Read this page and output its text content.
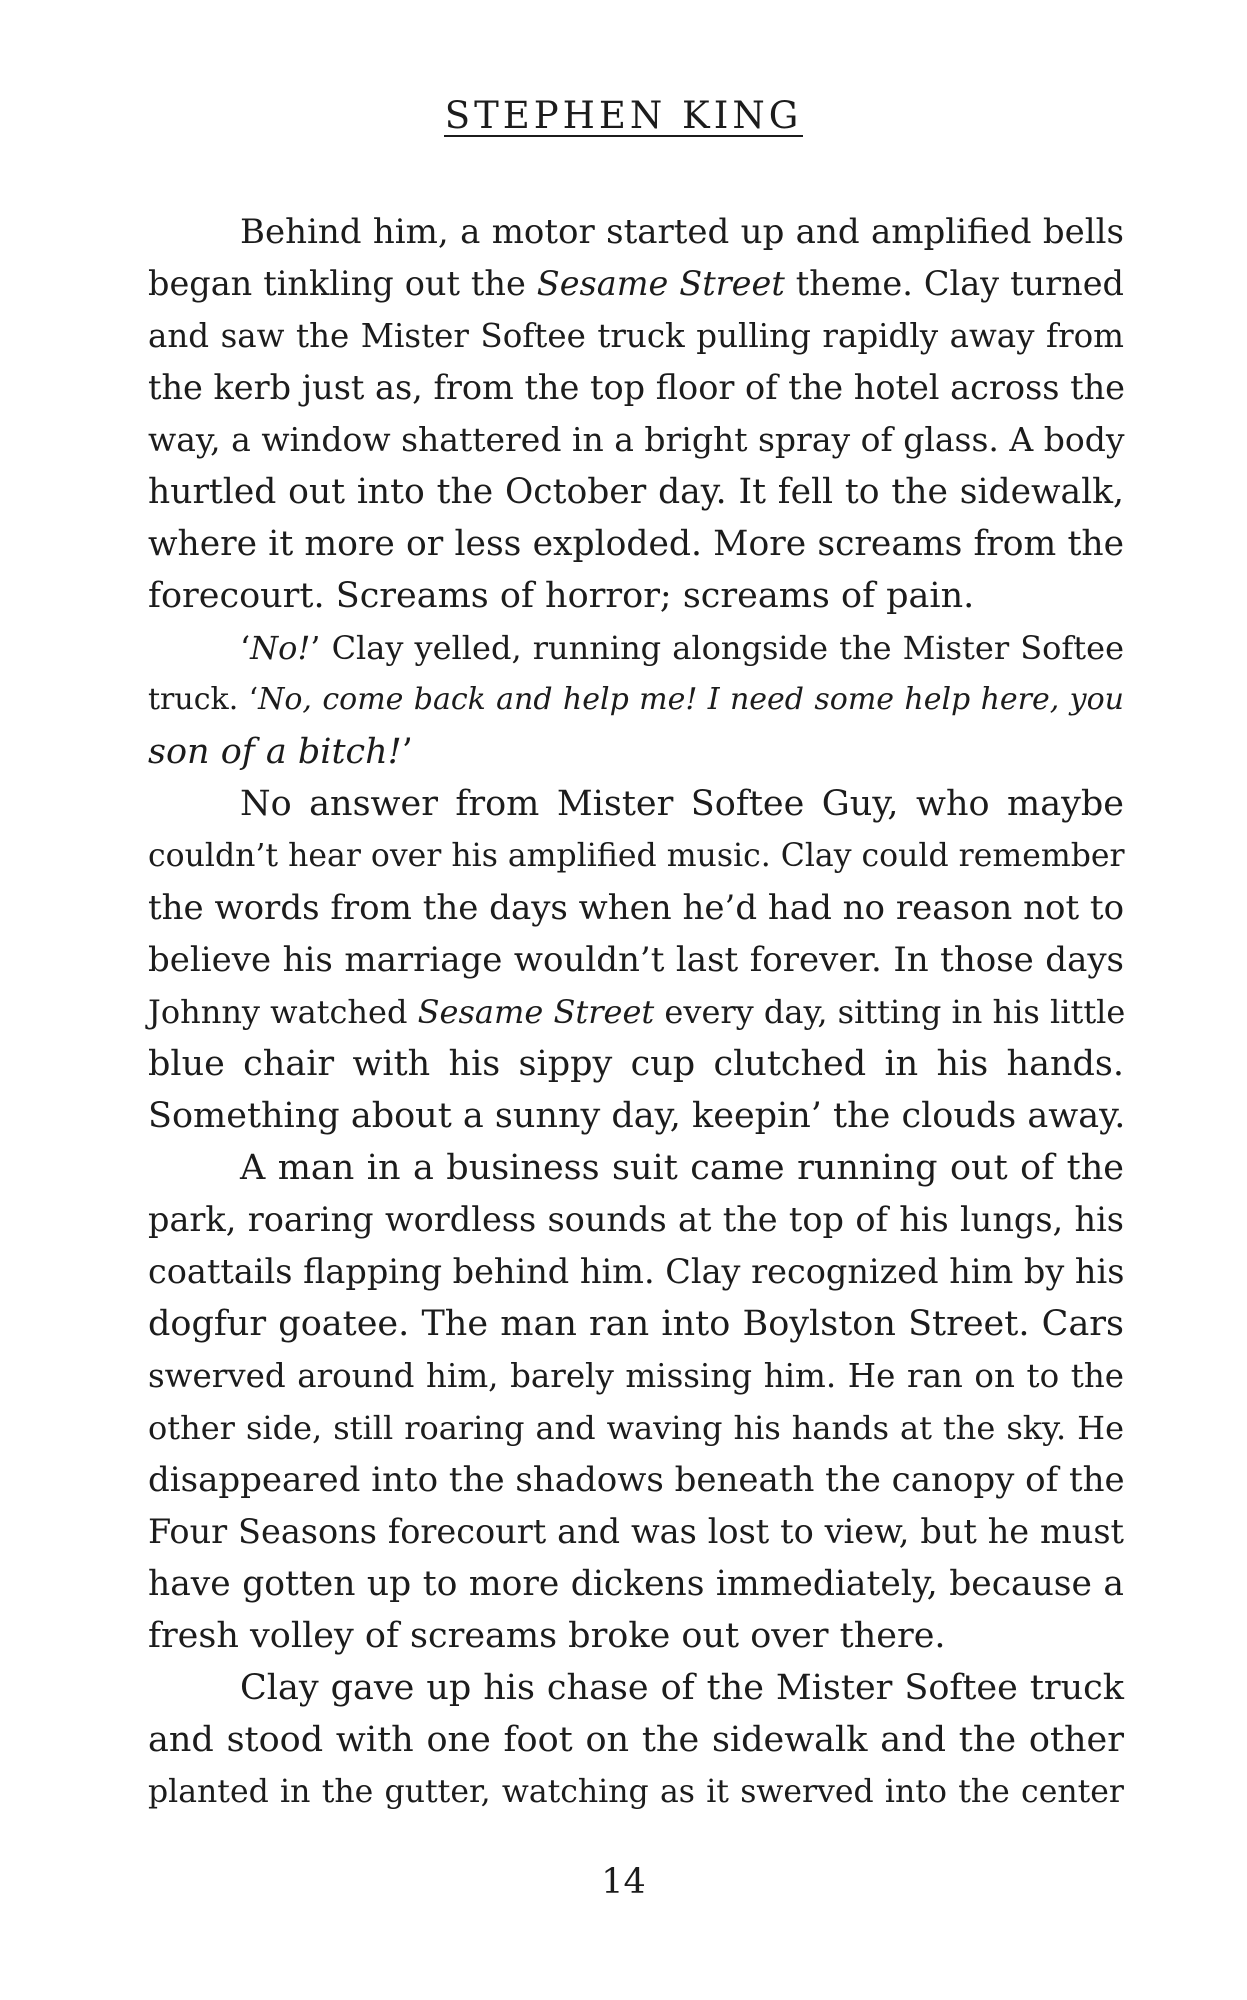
STEPHEN KING
Behind him, a motor started up and amplified bells
began tinkling out the Sesame Street theme. Clay turned
and saw the Mister Softee truck pulling rapidly away from
the kerb just as, from the top floor of the hotel across the
way, a window shattered in a bright spray of glass. A body
hurtled out into the October day. It fell to the sidewalk,
where it more or less exploded. More screams from the
forecourt. Screams of horror; screams of pain.
‘No!’ Clay yelled, running alongside the Mister Softee
truck. ‘No, come back and help me! I need some help here, you
son of a bitch!’
No answer from Mister Softee Guy, who maybe
couldn’t hear over his amplified music. Clay could remember
the words from the days when he’d had no reason not to
believe his marriage wouldn’t last forever. In those days
Johnny watched Sesame Street every day, sitting in his little
blue chair with his sippy cup clutched in his hands.
Something about a sunny day, keepin’ the clouds away.
A man in a business suit came running out of the
park, roaring wordless sounds at the top of his lungs, his
coattails flapping behind him. Clay recognized him by his
dogfur goatee. The man ran into Boylston Street. Cars
swerved around him, barely missing him. He ran on to the
other side, still roaring and waving his hands at the sky. He
disappeared into the shadows beneath the canopy of the
Four Seasons forecourt and was lost to view, but he must
have gotten up to more dickens immediately, because a
fresh volley of screams broke out over there.
Clay gave up his chase of the Mister Softee truck
and stood with one foot on the sidewalk and the other
planted in the gutter, watching as it swerved into the center
14
